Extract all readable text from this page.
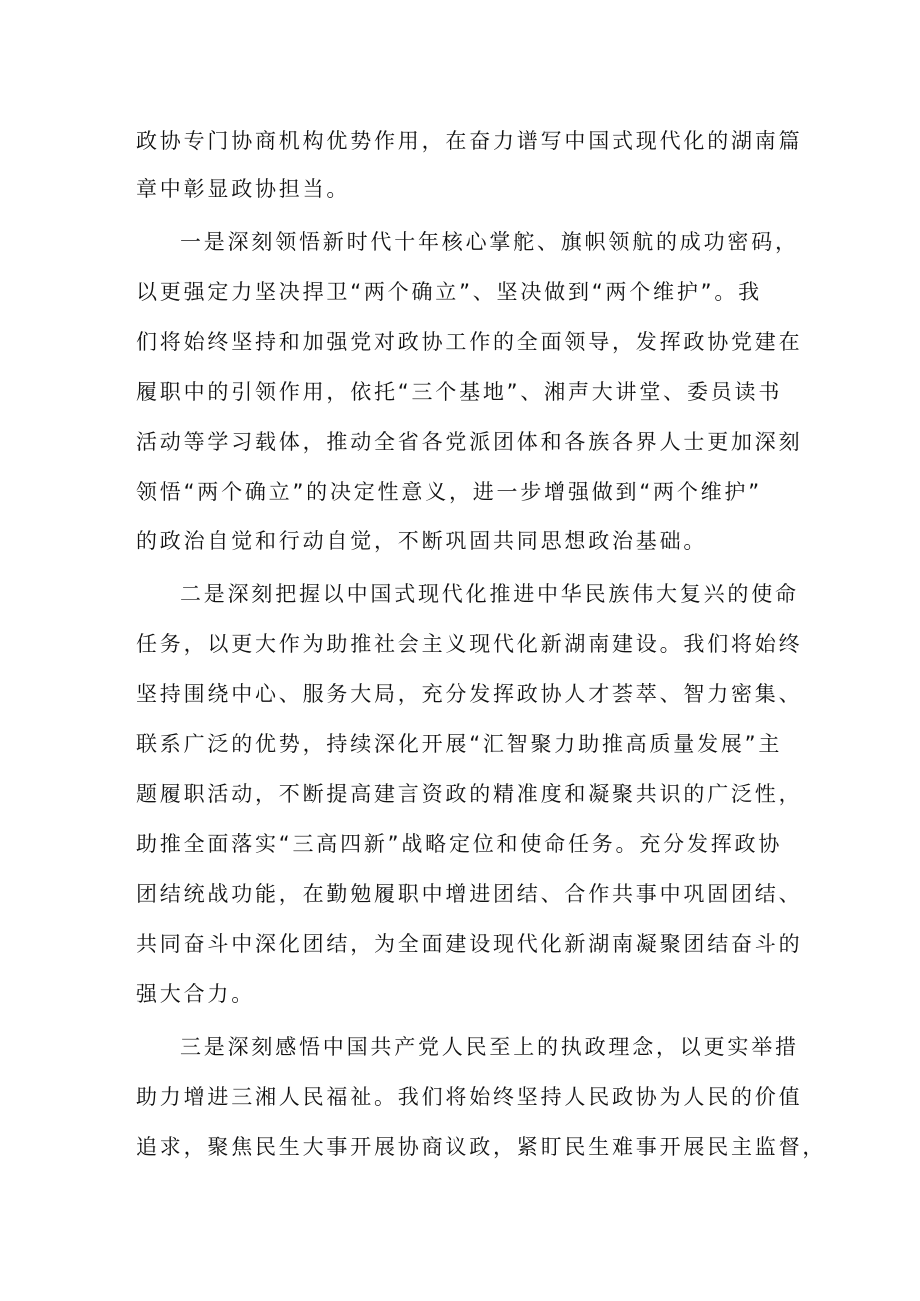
政协专门协商机构优势作用，在奋力谱写中国式现代化的湖南篇
章中彰显政协担当。
一是深刻领悟新时代十年核心掌舵、旗帜领航的成功密码，
以更强定力坚决捍卫“两个确立”、坚决做到“两个维护”。我
们将始终坚持和加强党对政协工作的全面领导，发挥政协党建在
履职中的引领作用，依托“三个基地”、湘声大讲堂、委员读书
活动等学习载体，推动全省各党派团体和各族各界人士更加深刻
领悟“两个确立”的决定性意义，进一步增强做到“两个维护”
的政治自觉和行动自觉，不断巩固共同思想政治基础。
二是深刻把握以中国式现代化推进中华民族伟大复兴的使命
任务，以更大作为助推社会主义现代化新湖南建设。我们将始终
坚持围绕中心、服务大局，充分发挥政协人才荟萃、智力密集、
联系广泛的优势，持续深化开展“汇智聚力助推高质量发展”主
题履职活动，不断提高建言资政的精准度和凝聚共识的广泛性，
助推全面落实“三高四新”战略定位和使命任务。充分发挥政协
团结统战功能，在勤勉履职中增进团结、合作共事中巩固团结、
共同奋斗中深化团结，为全面建设现代化新湖南凝聚团结奋斗的
强大合力。
三是深刻感悟中国共产党人民至上的执政理念，以更实举措
助力增进三湘人民福祉。我们将始终坚持人民政协为人民的价值
追求，聚焦民生大事开展协商议政，紧盯民生难事开展民主监督，
